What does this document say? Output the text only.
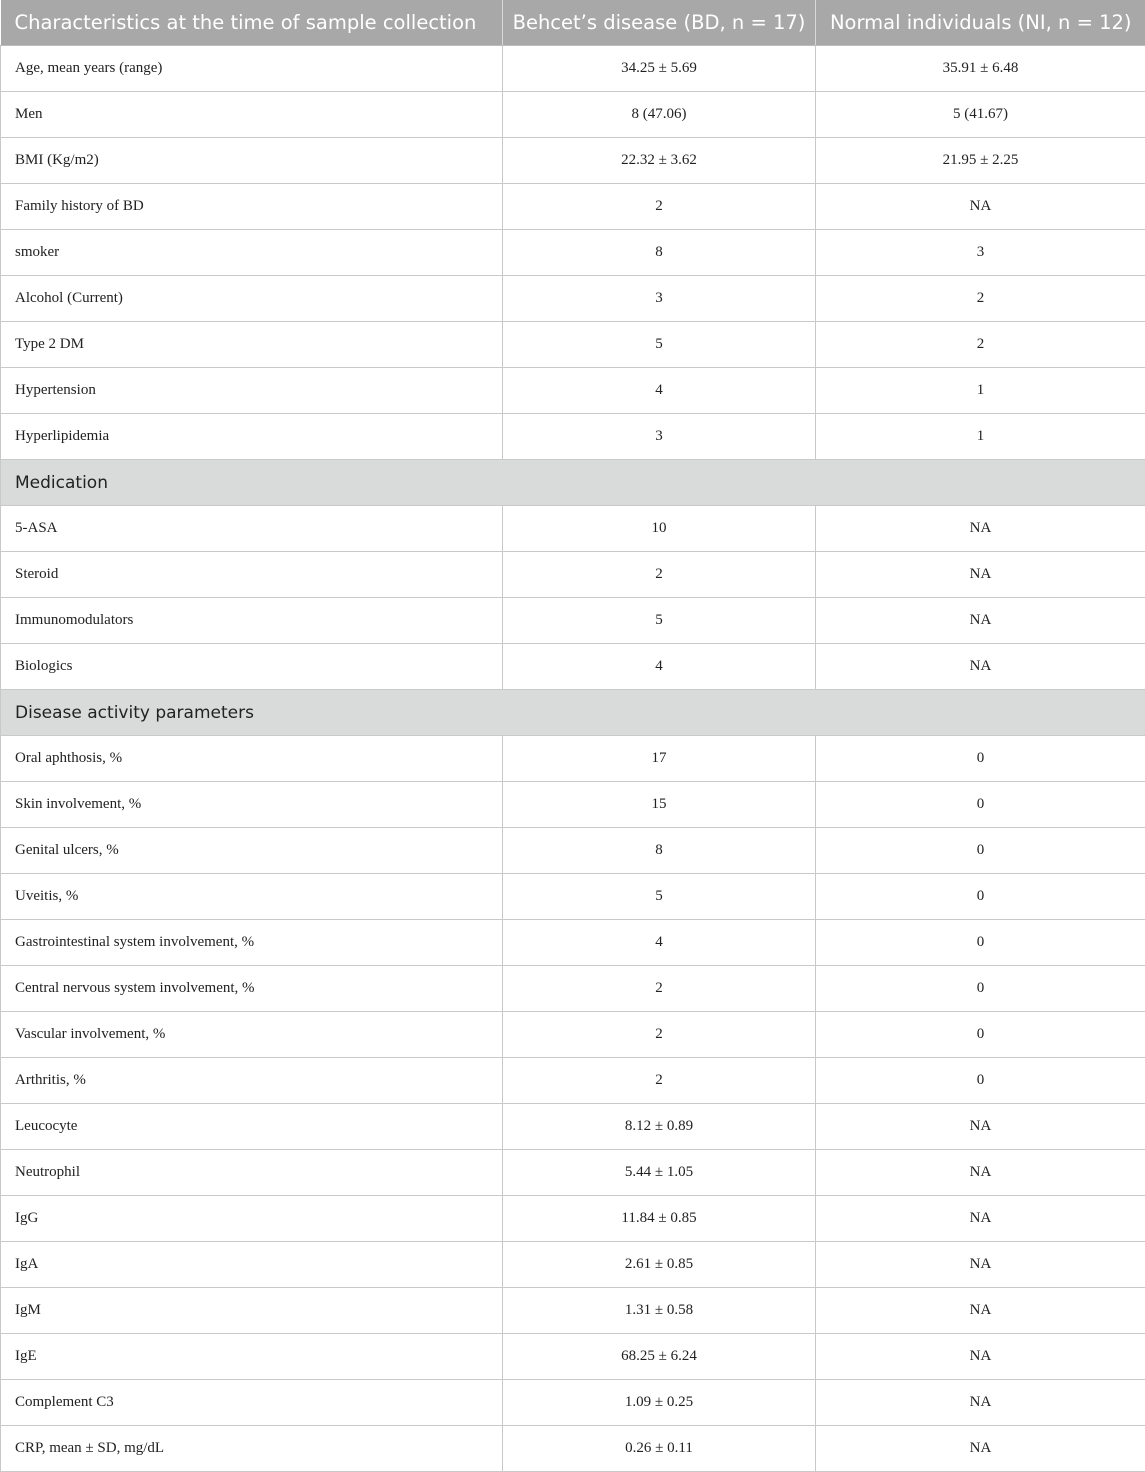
Characteristics at the time of sample collection	Behcet’s disease (BD, n = 17)	Normal individuals (NI, n = 12)
Age, mean years (range)	34.25 ± 5.69	35.91 ± 6.48
Men	8 (47.06)	5 (41.67)
BMI (Kg/m2)	22.32 ± 3.62	21.95 ± 2.25
Family history of BD	2	NA
smoker	8	3
Alcohol (Current)	3	2
Type 2 DM	5	2
Hypertension	4	1
Hyperlipidemia	3	1
Medication		
5-ASA	10	NA
Steroid	2	NA
Immunomodulators	5	NA
Biologics	4	NA
Disease activity parameters		
Oral aphthosis, %	17	0
Skin involvement, %	15	0
Genital ulcers, %	8	0
Uveitis, %	5	0
Gastrointestinal system involvement, %	4	0
Central nervous system involvement, %	2	0
Vascular involvement, %	2	0
Arthritis, %	2	0
Leucocyte	8.12 ± 0.89	NA
Neutrophil	5.44 ± 1.05	NA
IgG	11.84 ± 0.85	NA
IgA	2.61 ± 0.85	NA
IgM	1.31 ± 0.58	NA
IgE	68.25 ± 6.24	NA
Complement C3	1.09 ± 0.25	NA
CRP, mean ± SD, mg/dL	0.26 ± 0.11	NA
